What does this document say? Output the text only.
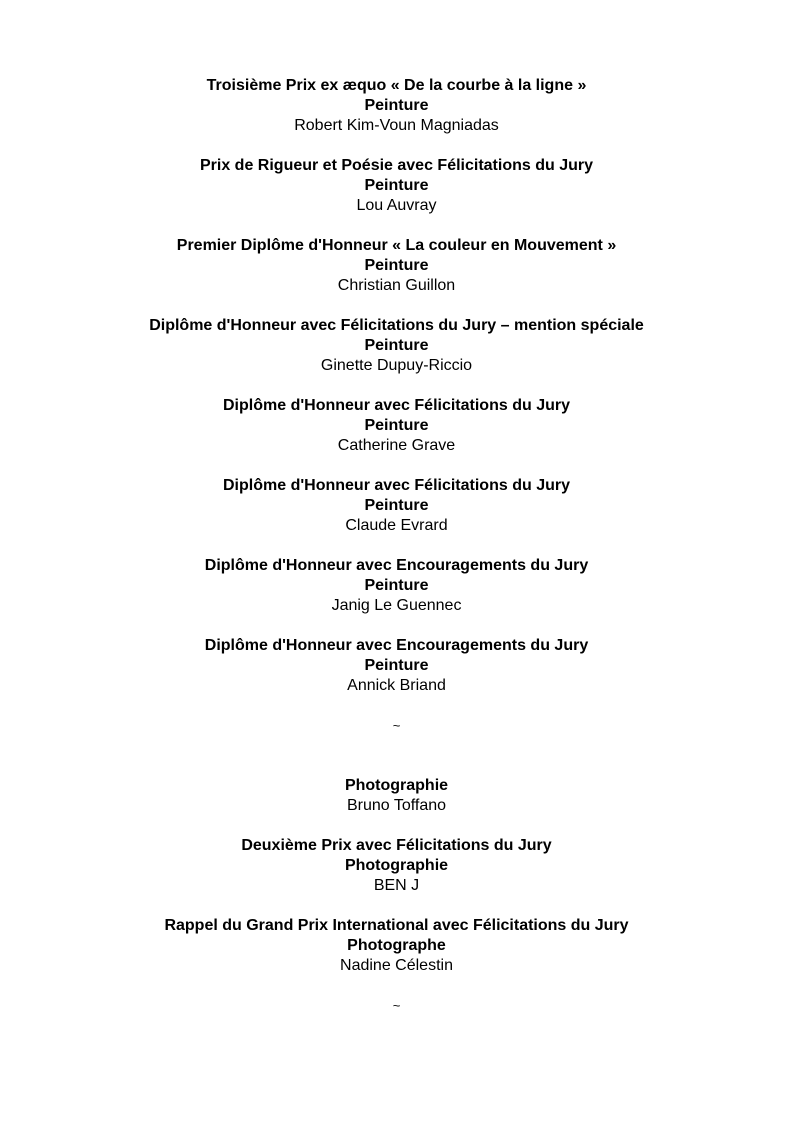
Troisième Prix ex æquo « De la courbe à la ligne »
Peinture
Robert Kim-Voun Magniadas
Prix de Rigueur et Poésie avec Félicitations du Jury
Peinture
Lou Auvray
Premier Diplôme d'Honneur « La couleur en Mouvement »
Peinture
Christian Guillon
Diplôme d'Honneur avec Félicitations du Jury – mention spéciale
Peinture
Ginette Dupuy-Riccio
Diplôme d'Honneur avec Félicitations du Jury
Peinture
Catherine Grave
Diplôme d'Honneur avec Félicitations du Jury
Peinture
Claude Evrard
Diplôme d'Honneur avec Encouragements du Jury
Peinture
Janig Le Guennec
Diplôme d'Honneur avec Encouragements du Jury
Peinture
Annick Briand
~
Photographie
Bruno Toffano
Deuxième Prix avec Félicitations du Jury
Photographie
BEN J
Rappel du Grand Prix International avec Félicitations du Jury
Photographe
Nadine Célestin
~
